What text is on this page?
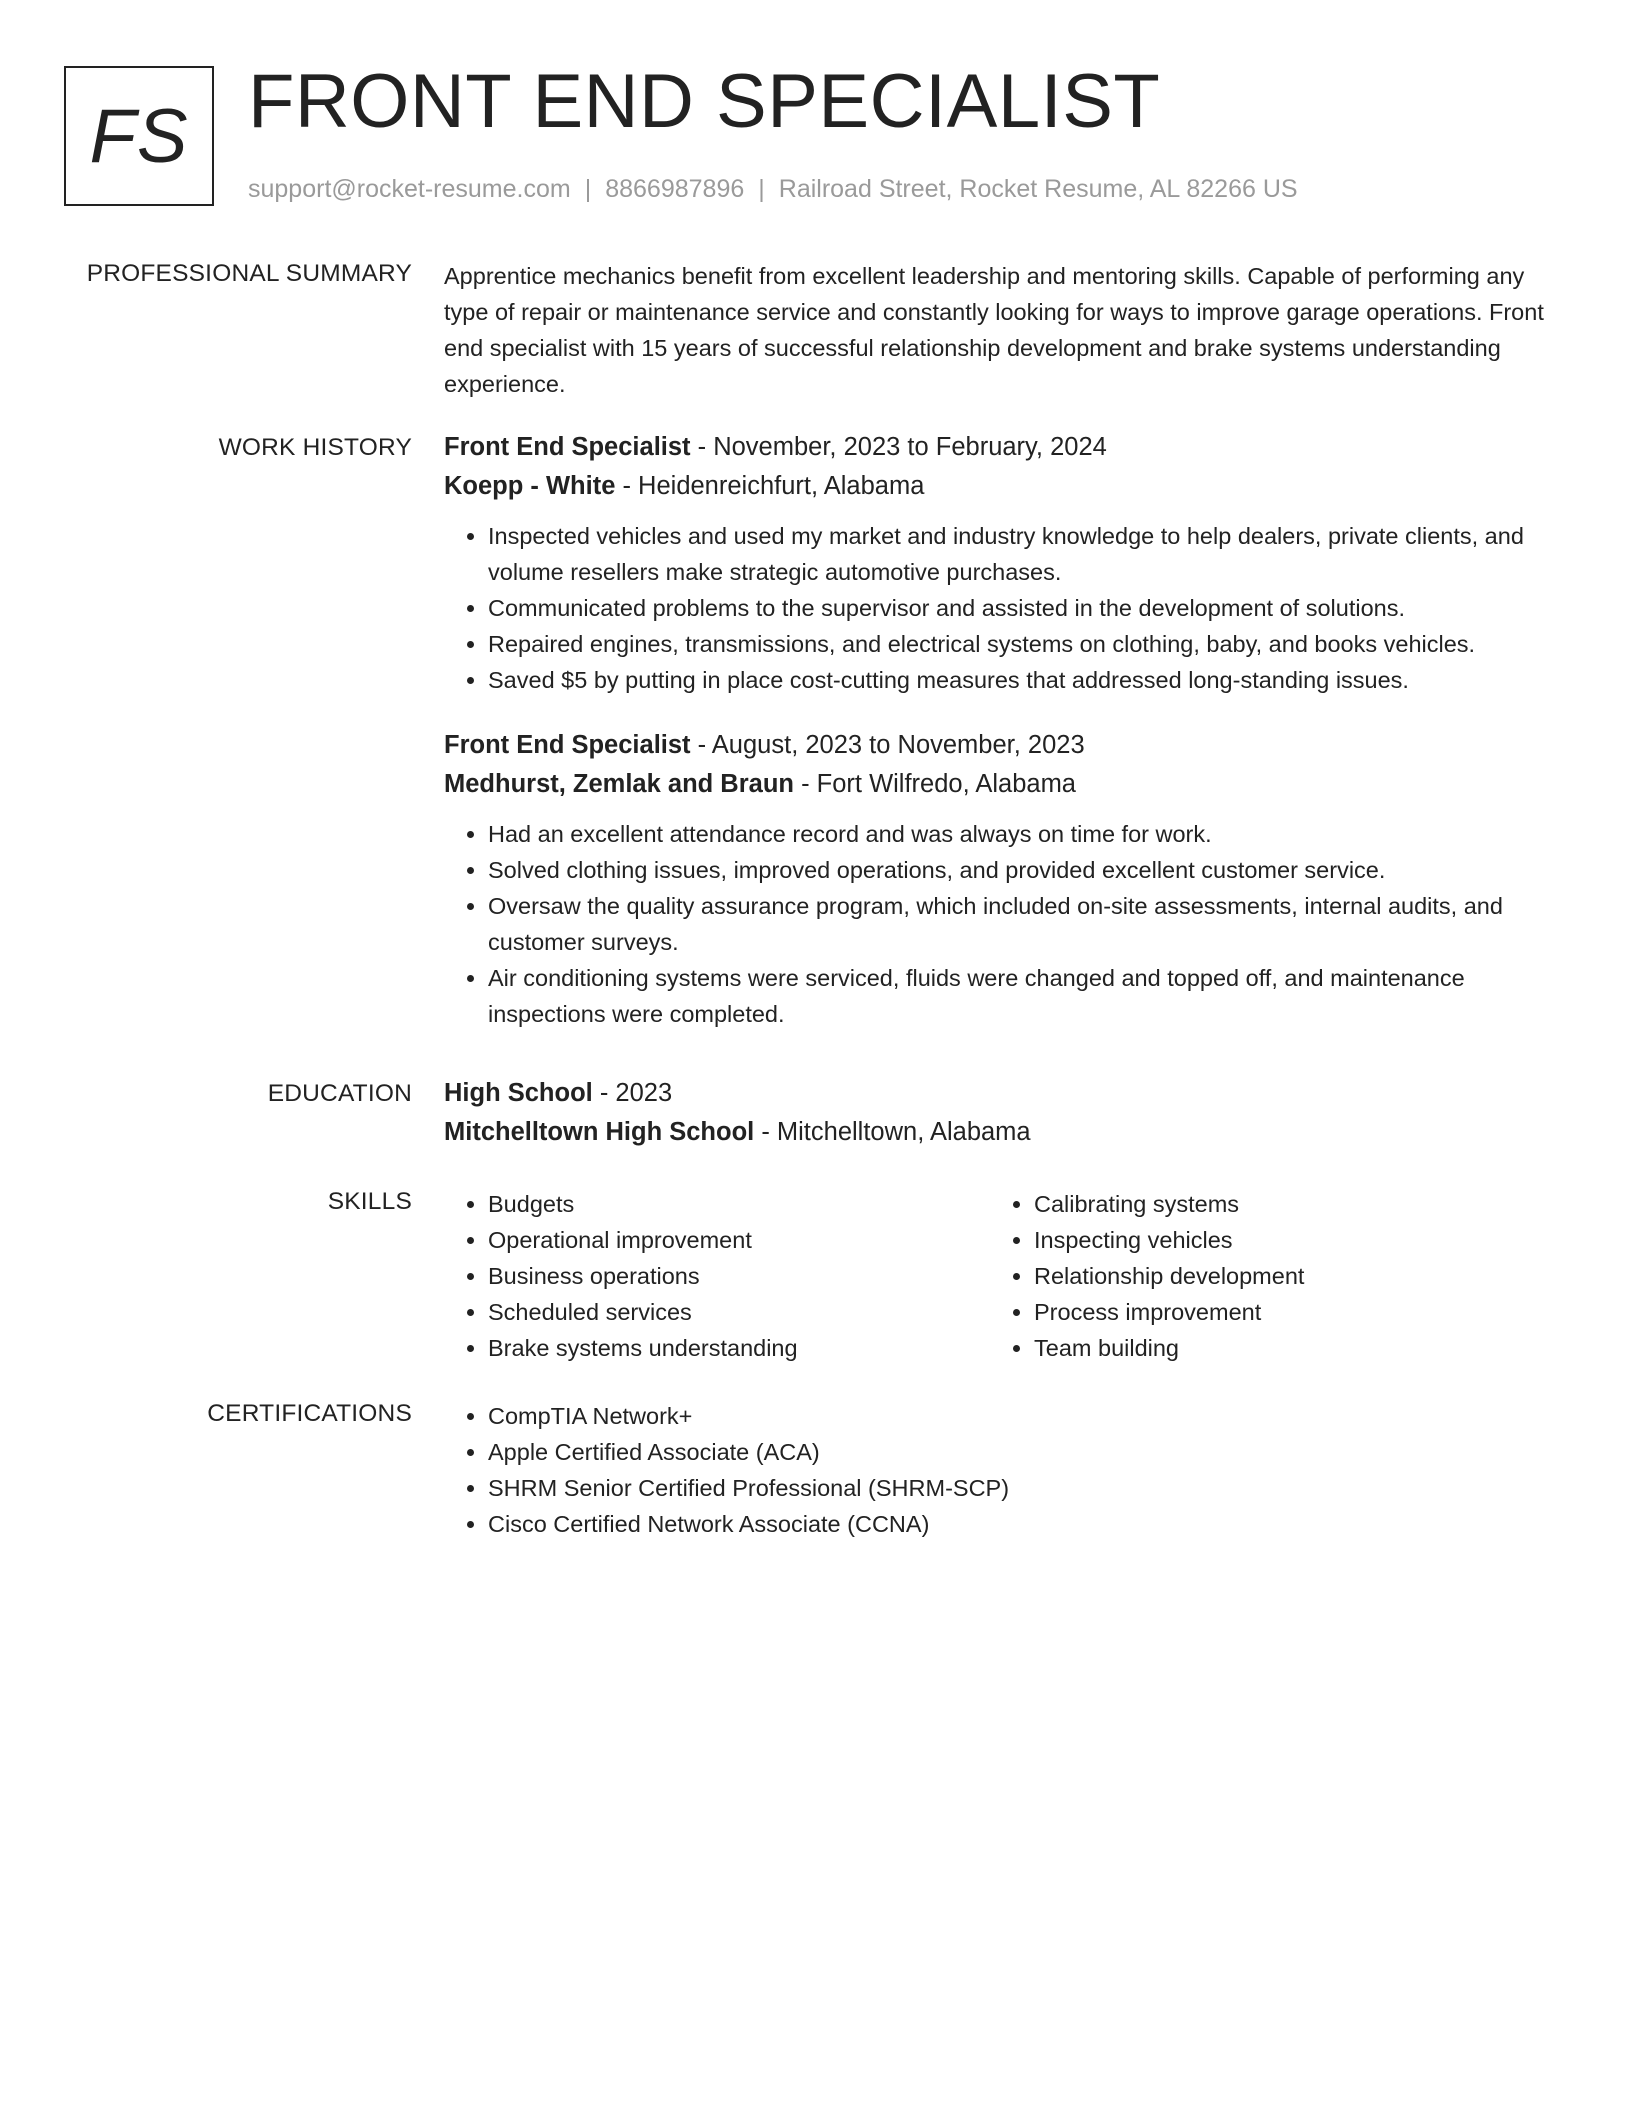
FS FRONT END SPECIALIST
support@rocket-resume.com | 8866987896 | Railroad Street, Rocket Resume, AL 82266 US
PROFESSIONAL SUMMARY Apprentice mechanics benefit from excellent leadership and mentoring skills. Capable of performing any type of repair or maintenance service and constantly looking for ways to improve garage operations. Front end specialist with 15 years of successful relationship development and brake systems understanding experience.

WORK HISTORY Front End Specialist - November, 2023 to February, 2024
Koepp - White - Heidenreichfurt, Alabama
• Inspected vehicles and used my market and industry knowledge to help dealers, private clients, and volume resellers make strategic automotive purchases.
• Communicated problems to the supervisor and assisted in the development of solutions.
• Repaired engines, transmissions, and electrical systems on clothing, baby, and books vehicles.
• Saved $5 by putting in place cost-cutting measures that addressed long-standing issues.
Front End Specialist - August, 2023 to November, 2023
Medhurst, Zemlak and Braun - Fort Wilfredo, Alabama
• Had an excellent attendance record and was always on time for work.
• Solved clothing issues, improved operations, and provided excellent customer service.
• Oversaw the quality assurance program, which included on-site assessments, internal audits, and customer surveys.
• Air conditioning systems were serviced, fluids were changed and topped off, and maintenance inspections were completed.
EDUCATION High School - 2023
Mitchelltown High School - Mitchelltown, Alabama
SKILLS	• Budgets
• Operational improvement
• Business operations
• Scheduled services
• Brake systems understanding
• Calibrating systems
• Inspecting vehicles
• Relationship development
• Process improvement
• Team building
CERTIFICATIONS	• CompTIA Network+
• Apple Certified Associate (ACA)
• SHRM Senior Certified Professional (SHRM-SCP)
• Cisco Certified Network Associate (CCNA)
